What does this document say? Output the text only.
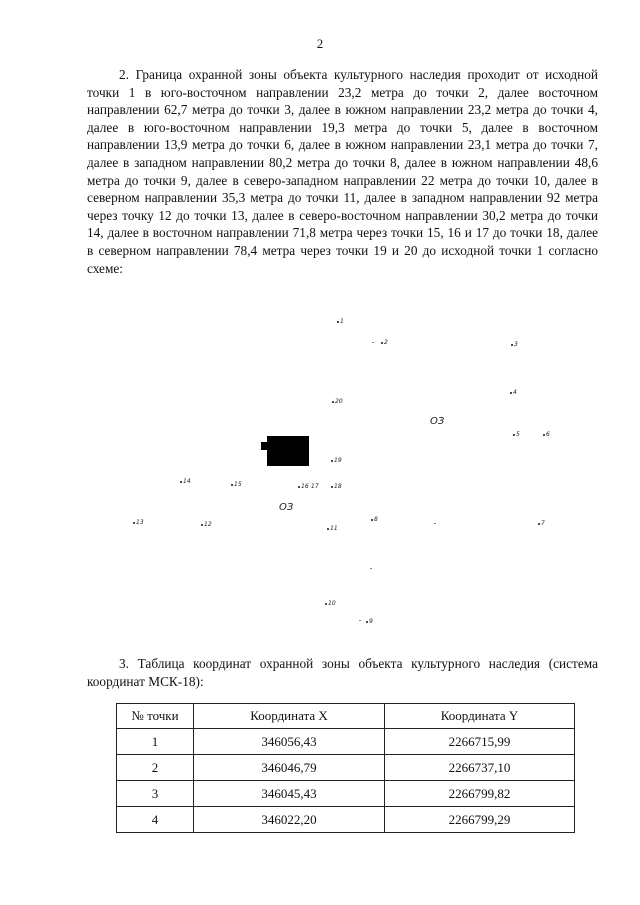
2

2. Граница охранной зоны объекта культурного наследия проходит от исходной точки 1 в юго-восточном направлении 23,2 метра до точки 2, далее восточном направлении 62,7 метра до точки 3, далее в южном направлении 23,2 метра до точки 4, далее в юго-восточном направлении 19,3 метра до точки 5, далее в восточном направлении 13,9 метра до точки 6, далее в южном направлении 23,1 метра до точки 7, далее в западном направлении 80,2 метра до точки 8, далее в южном направлении 48,6 метра до точки 9, далее в северо-западном направлении 22 метра до точки 10, далее в северном направлении 35,3 метра до точки 11, далее в западном направлении 92 метра через точку 12 до точки 13, далее в северо-восточном направлении 30,2 метра до точки 14, далее в восточном направлении 71,8 метра через точки 15, 16 и 17 до точки 18, далее в северном направлении 78,4 метра через точки 19 и 20 до исходной точки 1 согласно схеме:

1
2	3
4
5	6
7
8
9
10
11
12
13
14	15	16 17	18
19
20
ОЗ
ОЗ

3. Таблица координат охранной зоны объекта культурного наследия (система координат МСК-18):

№ точки	Координата X	Координата Y
1	346056,43	2266715,99
2	346046,79	2266737,10
3	346045,43	2266799,82
4	346022,20	2266799,29
